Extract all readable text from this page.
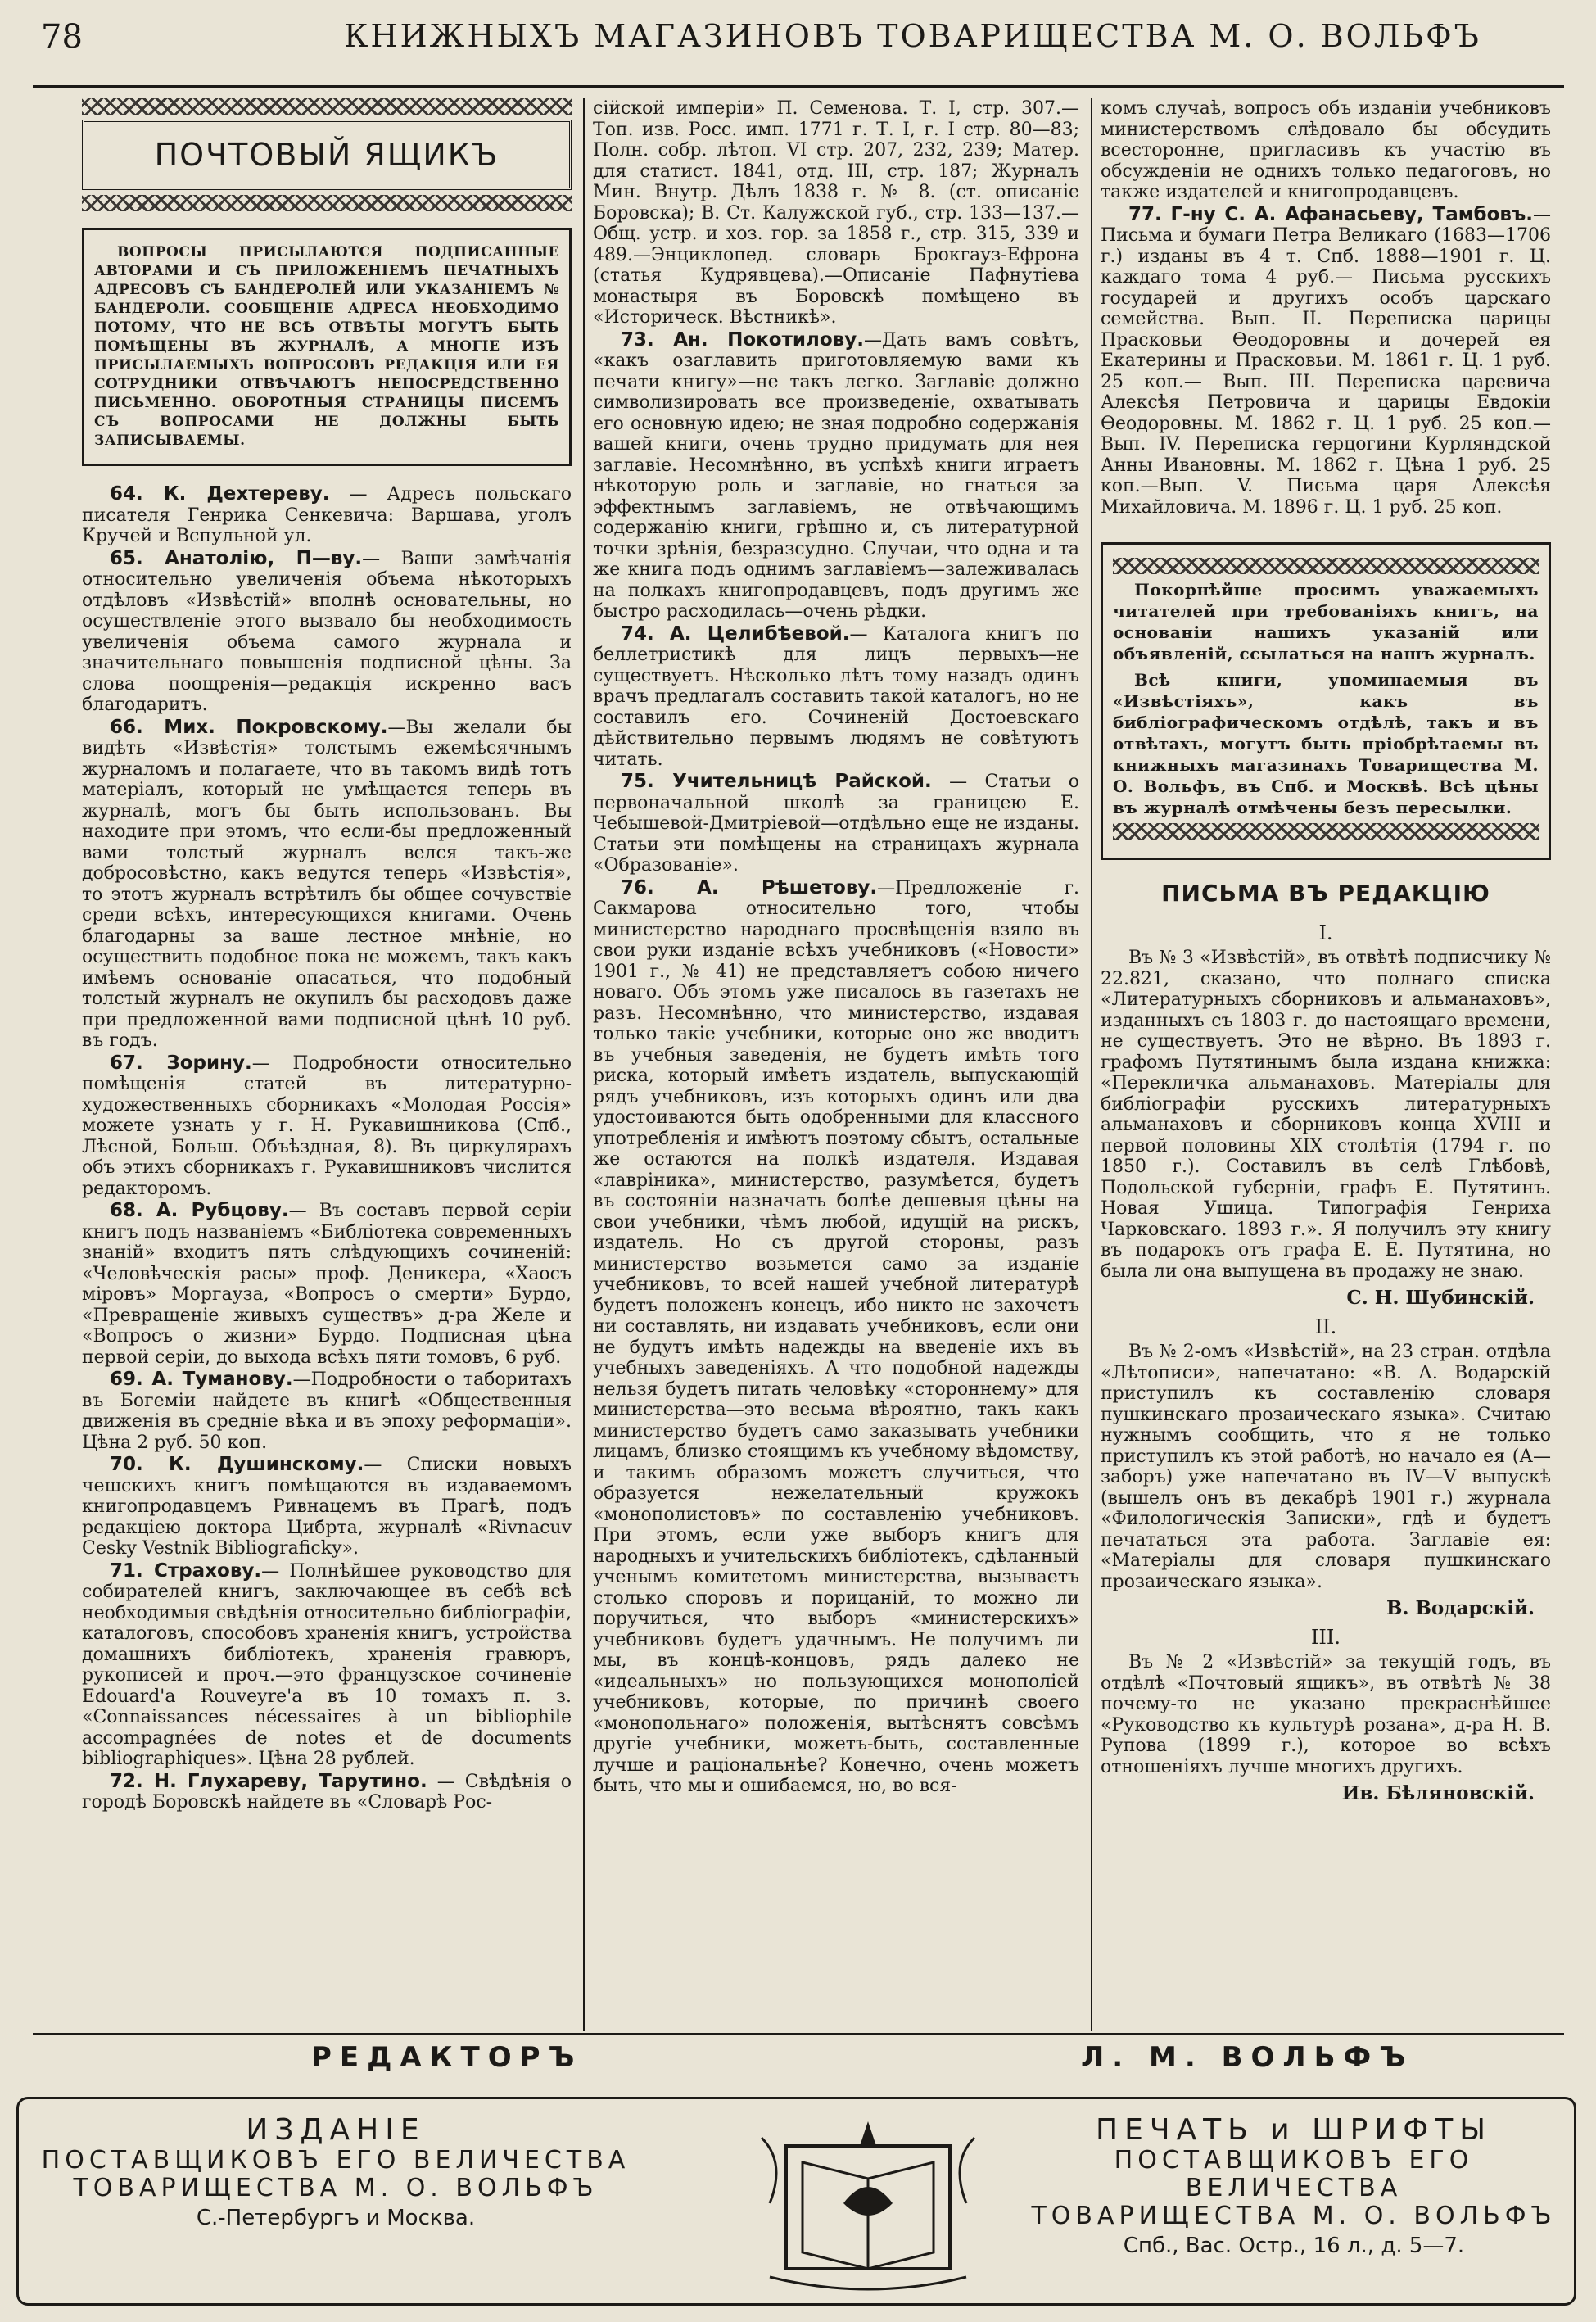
78	КНИЖНЫХЪ МАГАЗИНОВЪ ТОВАРИЩЕСТВА М. О. ВОЛЬФЪ
ПОЧТОВЫЙ ЯЩИКЪ

ВОПРОСЫ ПРИСЫЛАЮТСЯ ПОДПИСАННЫЕ АВТОРАМИ И СЪ ПРИЛОЖЕНІЕМЪ ПЕЧАТНЫХЪ АДРЕСОВЪ СЪ БАНДЕРОЛЕЙ ИЛИ УКАЗАНІЕМЪ № БАНДЕРОЛИ. СООБЩЕНІЕ АДРЕСА НЕОБХОДИМО ПОТОМУ, ЧТО НЕ ВСѢ ОТВѢТЫ МОГУТЪ БЫТЬ ПОМѢЩЕНЫ ВЪ ЖУРНАЛѢ, А МНОГІЕ ИЗЪ ПРИСЫЛАЕМЫХЪ ВОПРОСОВЪ РЕДАКЦІЯ ИЛИ ЕЯ СОТРУДНИКИ ОТВѢЧАЮТЪ НЕПОСРЕДСТВЕННО ПИСЬМЕННО. ОБОРОТНЫЯ СТРАНИЦЫ ПИСЕМЪ СЪ ВОПРОСАМИ НЕ ДОЛЖНЫ БЫТЬ ЗАПИСЫВАЕМЫ.

64. К. Дехтереву. — Адресъ польскаго писателя Генрика Сенкевича: Варшава, уголъ Кручей и Вспульной ул.

65. Анатолію, П—ву.— Ваши замѣчанія относительно увеличенія объема нѣкоторыхъ отдѣловъ «Извѣстій» вполнѣ основательны, но осуществленіе этого вызвало бы необходимость увеличенія объема самого журнала и значительнаго повышенія подписной цѣны. За слова поощренія—редакція искренно васъ благодаритъ.

66. Мих. Покровскому.—Вы желали бы видѣть «Извѣстія» толстымъ ежемѣсячнымъ журналомъ и полагаете, что въ такомъ видѣ тотъ матеріалъ, который не умѣщается теперь въ журналѣ, могъ бы быть использованъ. Вы находите при этомъ, что если-бы предложенный вами толстый журналъ велся такъ-же добросовѣстно, какъ ведутся теперь «Извѣстія», то этотъ журналъ встрѣтилъ бы общее сочувствіе среди всѣхъ, интересующихся книгами. Очень благодарны за ваше лестное мнѣніе, но осуществить подобное пока не можемъ, такъ какъ имѣемъ основаніе опасаться, что подобный толстый журналъ не окупилъ бы расходовъ даже при предложенной вами подписной цѣнѣ 10 руб. въ годъ.

67. Зорину.— Подробности относительно помѣщенія статей въ литературно-художественныхъ сборникахъ «Молодая Россія» можете узнать у г. Н. Рукавишникова (Спб., Лѣсной, Больш. Объѣздная, 8). Въ циркулярахъ объ этихъ сборникахъ г. Рукавишниковъ числится редакторомъ.

68. А. Рубцову.— Въ составъ первой серіи книгъ подъ названіемъ «Библіотека современныхъ знаній» входитъ пять слѣдующихъ сочиненій: «Человѣческія расы» проф. Деникера, «Хаосъ міровъ» Моргауза, «Вопросъ о смерти» Бурдо, «Превращеніе живыхъ существъ» д-ра Желе и «Вопросъ о жизни» Бурдо. Подписная цѣна первой серіи, до выхода всѣхъ пяти томовъ, 6 руб.

69. А. Туманову.—Подробности о таборитахъ въ Богеміи найдете въ книгѣ «Общественныя движенія въ средніе вѣка и въ эпоху реформаціи». Цѣна 2 руб. 50 коп.

70. К. Душинскому.— Списки новыхъ чешскихъ книгъ помѣщаются въ издаваемомъ книгопродавцемъ Ривнацемъ въ Прагѣ, подъ редакціею доктора Цибрта, журналѣ «Rivnacuv Cesky Vestnik Bibliograficky».

71. Страхову.— Полнѣйшее руководство для собирателей книгъ, заключающее въ себѣ всѣ необходимыя свѣдѣнія относительно библіографіи, каталоговъ, способовъ храненія книгъ, устройства домашнихъ библіотекъ, храненія гравюръ, рукописей и проч.—это французское сочиненіе Edouard'а Rouveyre'а въ 10 томахъ п. з. «Connaissances nécessaires à un bibliophile accompagnées de notes et de documents bibliographiques». Цѣна 28 рублей.

72. Н. Глухареву, Тарутино. — Свѣдѣнія о городѣ Боровскѣ найдете въ «Словарѣ Рос-

сійской имперіи» П. Семенова. Т. I, стр. 307.—Топ. изв. Росс. имп. 1771 г. Т. I, г. I стр. 80—83; Полн. собр. лѣтоп. VI стр. 207, 232, 239; Матер. для статист. 1841, отд. III, стр. 187; Журналъ Мин. Внутр. Дѣлъ 1838 г. № 8. (ст. описаніе Боровска); В. Ст. Калужской губ., стр. 133—137.—Общ. устр. и хоз. гор. за 1858 г., стр. 315, 339 и 489.—Энциклопед. словарь Брокгауз-Ефрона (статья Кудрявцева).—Описаніе Пафнутіева монастыря въ Боровскѣ помѣщено въ «Историческ. Вѣстникѣ».

73. Ан. Покотилову.—Дать вамъ совѣтъ, «какъ озаглавить приготовляемую вами къ печати книгу»—не такъ легко. Заглавіе должно символизировать все произведеніе, охватывать его основную идею; не зная подробно содержанія вашей книги, очень трудно придумать для нея заглавіе. Несомнѣнно, въ успѣхѣ книги играетъ нѣкоторую роль и заглавіе, но гнаться за эффектнымъ заглавіемъ, не отвѣчающимъ содержанію книги, грѣшно и, съ литературной точки зрѣнія, безразсудно. Случаи, что одна и та же книга подъ однимъ заглавіемъ—залеживалась на полкахъ книгопродавцевъ, подъ другимъ же быстро расходилась—очень рѣдки.

74. А. Целибѣевой.— Каталога книгъ по беллетристикѣ для лицъ первыхъ—не существуетъ. Нѣсколько лѣтъ тому назадъ одинъ врачъ предлагалъ составить такой каталогъ, но не составилъ его. Сочиненій Достоевскаго дѣйствительно первымъ людямъ не совѣтуютъ читать.

75. Учительницѣ Райской. — Статьи о первоначальной школѣ за границею Е. Чебышевой-Дмитріевой—отдѣльно еще не изданы. Статьи эти помѣщены на страницахъ журнала «Образованіе».

76. А. Рѣшетову.—Предложеніе г. Сакмарова относительно того, чтобы министерство народнаго просвѣщенія взяло въ свои руки изданіе всѣхъ учебниковъ («Новости» 1901 г., № 41) не представляетъ собою ничего новаго. Объ этомъ уже писалось въ газетахъ не разъ. Несомнѣнно, что министерство, издавая только такіе учебники, которые оно же вводитъ въ учебныя заведенія, не будетъ имѣть того риска, который имѣетъ издатель, выпускающій рядъ учебниковъ, изъ которыхъ одинъ или два удостоиваются быть одобренными для классного употребленія и имѣютъ поэтому сбытъ, остальные же остаются на полкѣ издателя. Издавая «лавріника», министерство, разумѣется, будетъ въ состояніи назначать болѣе дешевыя цѣны на свои учебники, чѣмъ любой, идущій на рискъ, издатель. Но съ другой стороны, разъ министерство возьмется само за изданіе учебниковъ, то всей нашей учебной литературѣ будетъ положенъ конецъ, ибо никто не захочетъ ни составлять, ни издавать учебниковъ, если они не будутъ имѣть надежды на введеніе ихъ въ учебныхъ заведеніяхъ. А что подобной надежды нельзя будетъ питать человѣку «стороннему» для министерства—это весьма вѣроятно, такъ какъ министерство будетъ само заказывать учебники лицамъ, близко стоящимъ къ учебному вѣдомству, и такимъ образомъ можетъ случиться, что образуется нежелательный кружокъ «монополистовъ» по составленію учебниковъ. При этомъ, если уже выборъ книгъ для народныхъ и учительскихъ библіотекъ, сдѣланный ученымъ комитетомъ министерства, вызываетъ столько споровъ и порицаній, то можно ли поручиться, что выборъ «министерскихъ» учебниковъ будетъ удачнымъ. Не получимъ ли мы, въ концѣ-концовъ, рядъ далеко не «идеальныхъ» но пользующихся монополіей учебниковъ, которые, по причинѣ своего «монопольнаго» положенія, вытѣснятъ совсѣмъ другіе учебники, можетъ-быть, составленные лучше и раціональнѣе? Конечно, очень можетъ быть, что мы и ошибаемся, но, во вся-

комъ случаѣ, вопросъ объ изданіи учебниковъ министерствомъ слѣдовало бы обсудить всесторонне, пригласивъ къ участію въ обсужденіи не однихъ только педагоговъ, но также издателей и книгопродавцевъ.

77. Г-ну С. А. Афанасьеву, Тамбовъ.— Письма и бумаги Петра Великаго (1683—1706 г.) изданы въ 4 т. Спб. 1888—1901 г. Ц. каждаго тома 4 руб.— Письма русскихъ государей и другихъ особъ царскаго семейства. Вып. II. Переписка царицы Прасковьи Ѳеодоровны и дочерей ея Екатерины и Прасковьи. М. 1861 г. Ц. 1 руб. 25 коп.— Вып. III. Переписка царевича Алексѣя Петровича и царицы Евдокіи Ѳеодоровны. М. 1862 г. Ц. 1 руб. 25 коп.—Вып. IV. Переписка герцогини Курляндской Анны Ивановны. М. 1862 г. Цѣна 1 руб. 25 коп.—Вып. V. Письма царя Алексѣя Михайловича. М. 1896 г. Ц. 1 руб. 25 коп.

Покорнѣйше просимъ уважаемыхъ читателей при требованіяхъ книгъ, на основаніи нашихъ указаній или объявленій, ссылаться на нашъ журналъ.

Всѣ книги, упоминаемыя въ «Извѣстіяхъ», какъ въ библіографическомъ отдѣлѣ, такъ и въ отвѣтахъ, могутъ быть пріобрѣтаемы въ книжныхъ магазинахъ Товарищества М. О. Вольфъ, въ Спб. и Москвѣ. Всѣ цѣны въ журналѣ отмѣчены безъ пересылки.

ПИСЬМА ВЪ РЕДАКЦІЮ
I.

Въ № 3 «Извѣстій», въ отвѣтѣ подписчику № 22.821, сказано, что полнаго списка «Литературныхъ сборниковъ и альманаховъ», изданныхъ съ 1803 г. до настоящаго времени, не существуетъ. Это не вѣрно. Въ 1893 г. графомъ Путятинымъ была издана книжка: «Перекличка альманаховъ. Матеріалы для библіографіи русскихъ литературныхъ альманаховъ и сборниковъ конца XVIII и первой половины XIX столѣтія (1794 г. по 1850 г.). Составилъ въ селѣ Глѣбовѣ, Подольской губерніи, графъ Е. Путятинъ. Новая Ушица. Типографія Генриха Чарковскаго. 1893 г.». Я получилъ эту книгу въ подарокъ отъ графа Е. Е. Путятина, но была ли она выпущена въ продажу не знаю.

С. Н. Шубинскій.
II.

Въ № 2-омъ «Извѣстій», на 23 стран. отдѣла «Лѣтописи», напечатано: «В. А. Водарскій приступилъ къ составленію словаря пушкинскаго прозаическаго языка». Считаю нужнымъ сообщить, что я не только приступилъ къ этой работѣ, но начало ея (А—заборъ) уже напечатано въ IV—V выпускѣ (вышелъ онъ въ декабрѣ 1901 г.) журнала «Филологическія Записки», гдѣ и будетъ печататься эта работа. Заглавіе ея: «Матеріалы для словаря пушкинскаго прозаическаго языка».

В. Водарскій.
III.

Въ № 2 «Извѣстій» за текущій годъ, въ отдѣлѣ «Почтовый ящикъ», въ отвѣтѣ № 38 почему-то не указано прекраснѣйшее «Руководство къ культурѣ розана», д-ра Н. В. Рупова (1899 г.), которое во всѣхъ отношеніяхъ лучше многихъ другихъ.

Ив. Бѣляновскій.
РЕДАКТОРЪ	Л. М. ВОЛЬФЪ
ИЗДАНІЕ
ПОСТАВЩИКОВЪ ЕГО ВЕЛИЧЕСТВА
ТОВАРИЩЕСТВА М. О. ВОЛЬФЪ
С.-Петербургъ и Москва.
ПЕЧАТЬ и ШРИФТЫ
ПОСТАВЩИКОВЪ ЕГО ВЕЛИЧЕСТВА
ТОВАРИЩЕСТВА М. О. ВОЛЬФЪ
Спб., Вас. Остр., 16 л., д. 5—7.
